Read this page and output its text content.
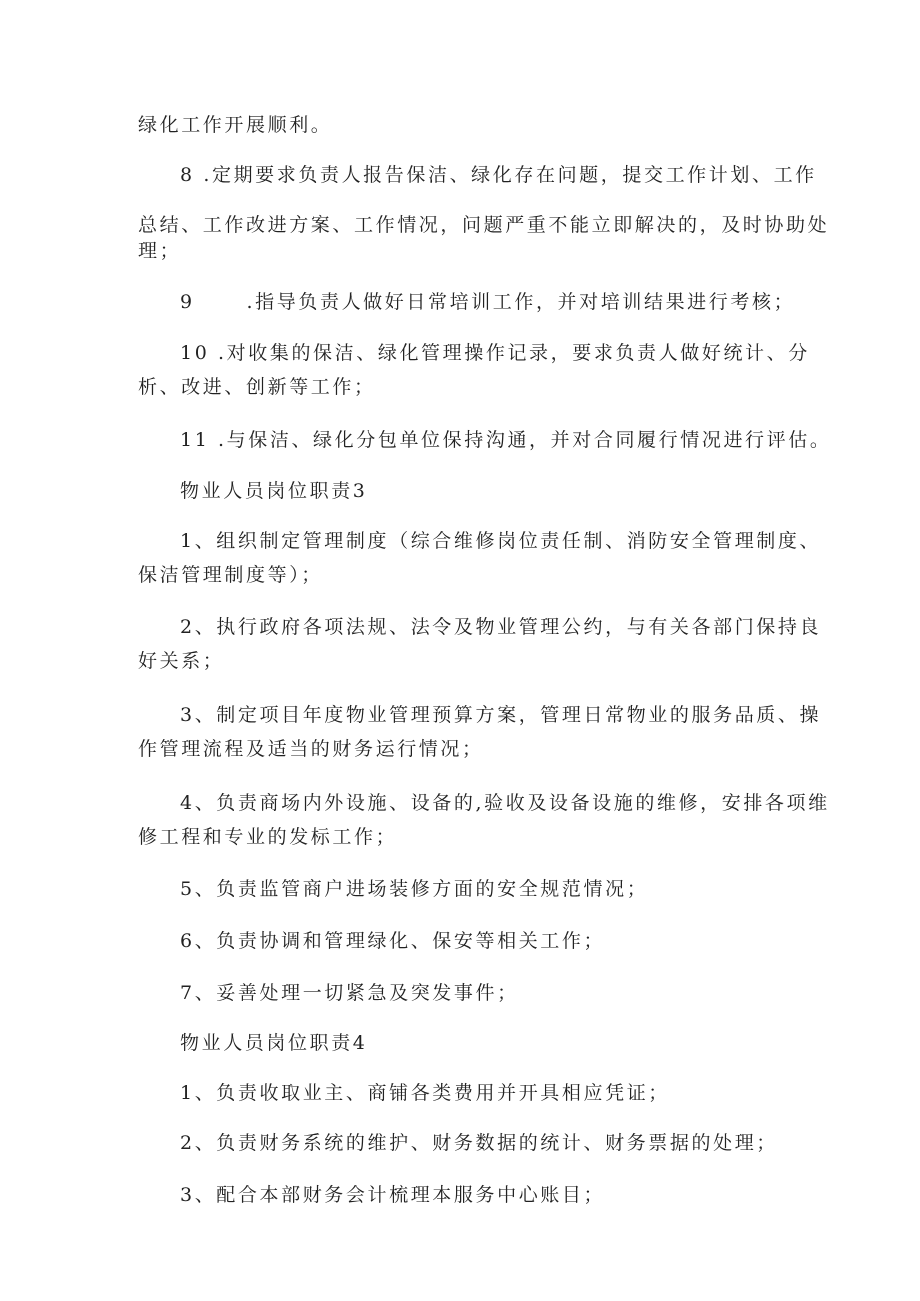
绿化工作开展顺利。
8 .定期要求负责人报告保洁、绿化存在问题，提交工作计划、工作
总结、工作改进方案、工作情况，问题严重不能立即解决的，及时协助处
理；
9      .指导负责人做好日常培训工作，并对培训结果进行考核；
10 .对收集的保洁、绿化管理操作记录，要求负责人做好统计、分
析、改进、创新等工作；
11 .与保洁、绿化分包单位保持沟通，并对合同履行情况进行评估。
物业人员岗位职责3
1、组织制定管理制度（综合维修岗位责任制、消防安全管理制度、
保洁管理制度等）；
2、执行政府各项法规、法令及物业管理公约，与有关各部门保持良
好关系；
3、制定项目年度物业管理预算方案，管理日常物业的服务品质、操
作管理流程及适当的财务运行情况；
4、负责商场内外设施、设备的,验收及设备设施的维修，安排各项维
修工程和专业的发标工作；
5、负责监管商户进场装修方面的安全规范情况；
6、负责协调和管理绿化、保安等相关工作；
7、妥善处理一切紧急及突发事件；
物业人员岗位职责4
1、负责收取业主、商铺各类费用并开具相应凭证；
2、负责财务系统的维护、财务数据的统计、财务票据的处理；
3、配合本部财务会计梳理本服务中心账目；
